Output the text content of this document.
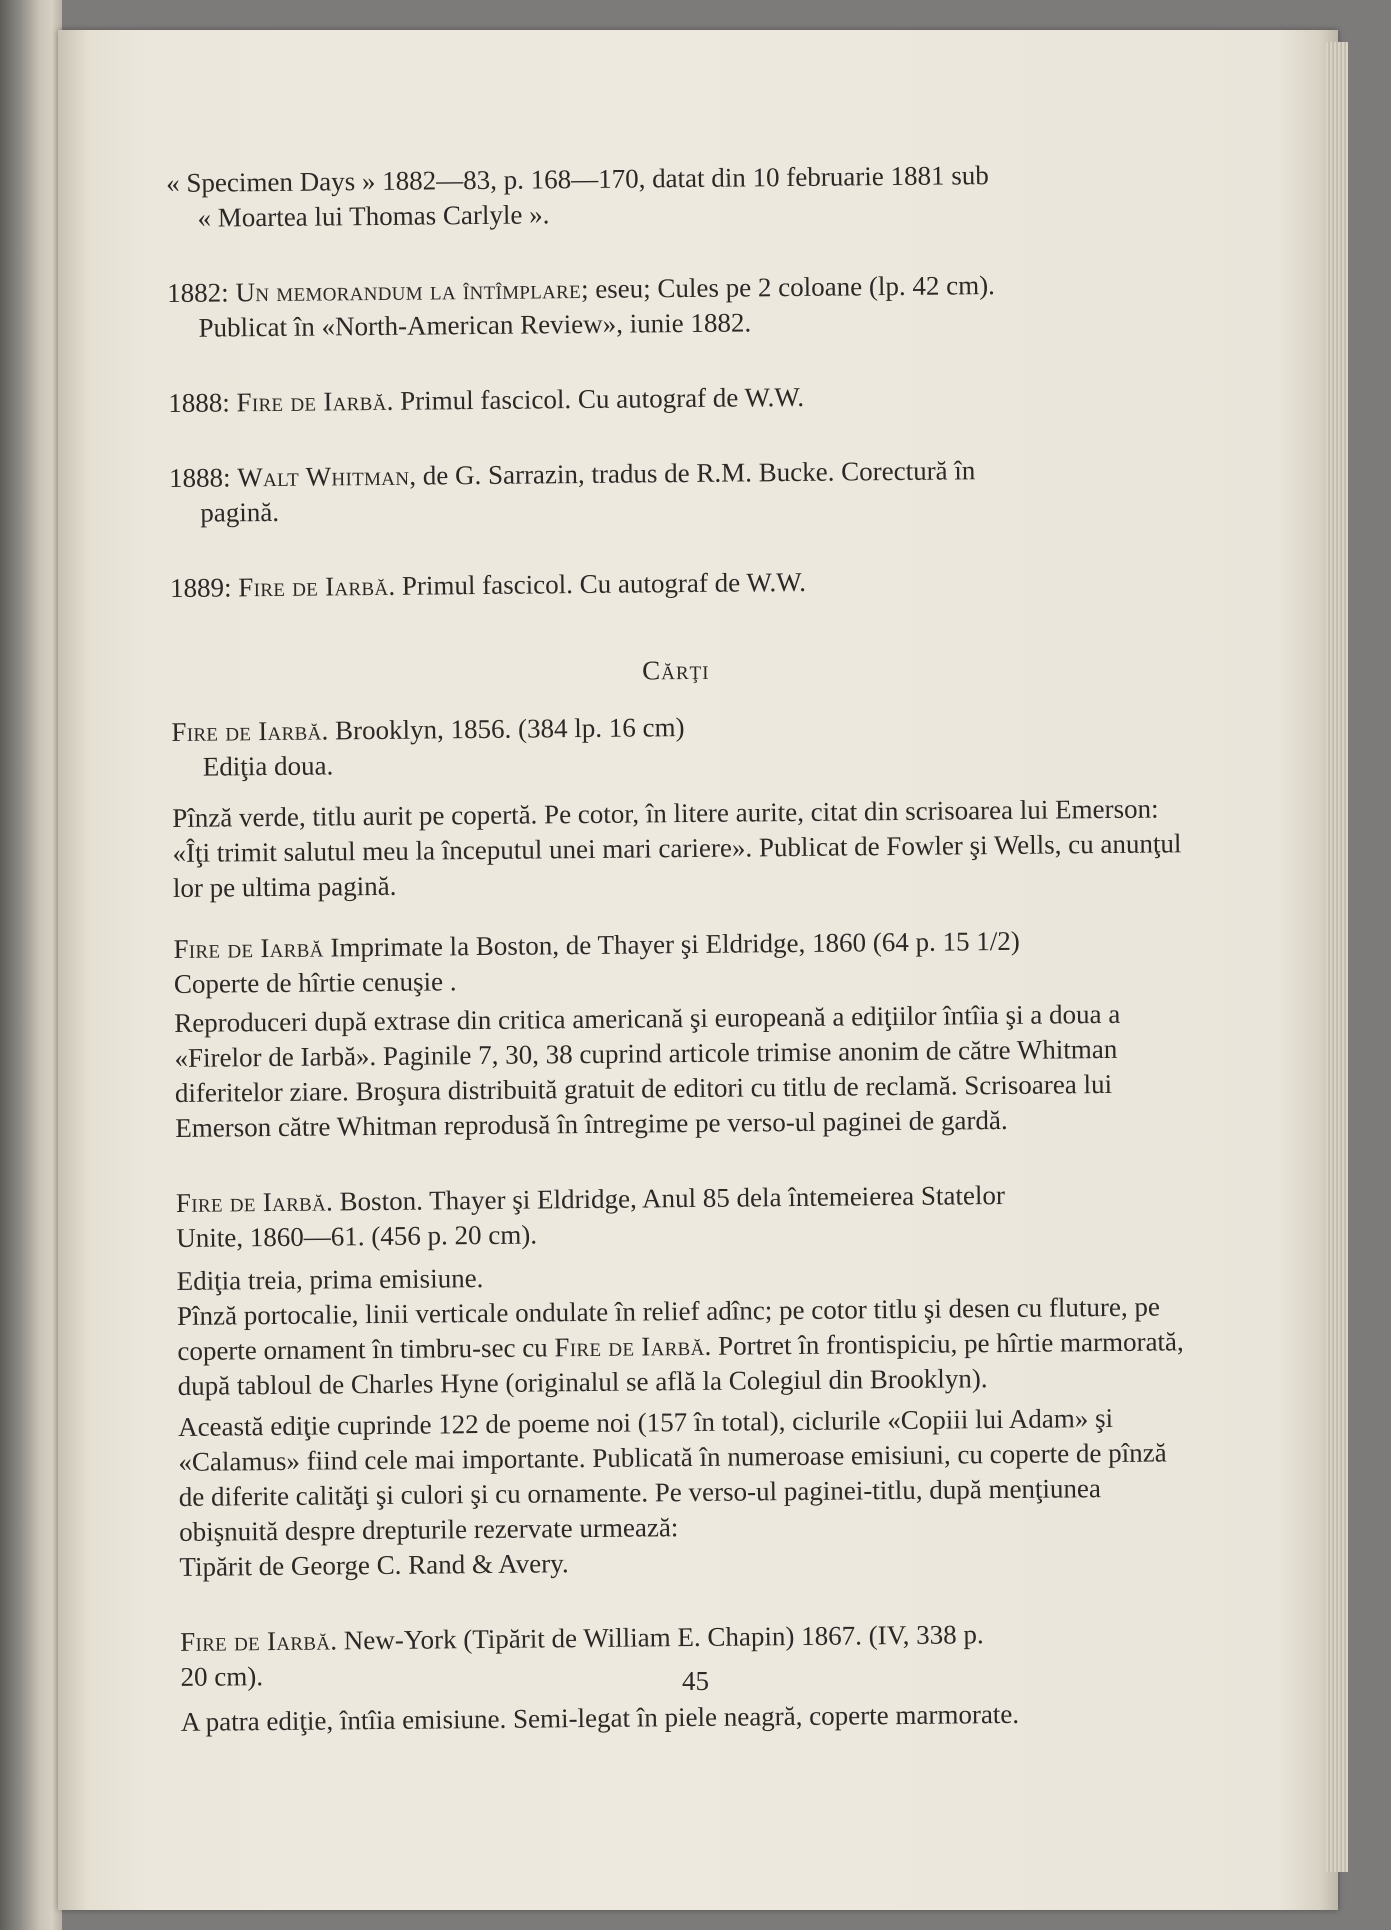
« Specimen Days » 1882—83, p. 168—170, datat din 10 februarie 1881 sub

« Moartea lui Thomas Carlyle ».

1882: Un memorandum la întîmplare; eseu; Cules pe 2 coloane (lp. 42 cm).

Publicat în «North-American Review», iunie 1882.

1888: Fire de Iarbă. Primul fascicol. Cu autograf de W.W.

1888: Walt Whitman, de G. Sarrazin, tradus de R.M. Bucke. Corectură în

pagină.

1889: Fire de Iarbă. Primul fascicol. Cu autograf de W.W.

Cărţi

Fire de Iarbă. Brooklyn, 1856. (384 lp. 16 cm)

Ediţia doua.

Pînză verde, titlu aurit pe copertă. Pe cotor, în litere aurite, citat din scrisoarea lui Emerson: «Îţi trimit salutul meu la începutul unei mari cariere». Publicat de Fowler şi Wells, cu anunţul lor pe ultima pagină.

Fire de Iarbă Imprimate la Boston, de Thayer şi Eldridge, 1860 (64 p. 15 1/2)

Coperte de hîrtie cenuşie .

Reproduceri după extrase din critica americană şi europeană a ediţiilor întîia şi a doua a «Firelor de Iarbă». Paginile 7, 30, 38 cuprind articole trimise anonim de către Whitman diferitelor ziare. Broşura distribuită gratuit de editori cu titlu de reclamă. Scrisoarea lui Emerson către Whitman reprodusă în întregime pe verso-ul paginei de gardă.

Fire de Iarbă. Boston. Thayer şi Eldridge, Anul 85 dela întemeierea Statelor

Unite, 1860—61. (456 p. 20 cm).

Ediţia treia, prima emisiune.

Pînză portocalie, linii verticale ondulate în relief adînc; pe cotor titlu şi desen cu fluture, pe coperte ornament în timbru-sec cu Fire de Iarbă. Portret în frontispiciu, pe hîrtie marmorată, după tabloul de Charles Hyne (originalul se află la Colegiul din Brooklyn).

Această ediţie cuprinde 122 de poeme noi (157 în total), ciclurile «Copiii lui Adam» şi «Calamus» fiind cele mai importante. Publicată în numeroase emisiuni, cu coperte de pînză de diferite calităţi şi culori şi cu ornamente. Pe verso-ul paginei-titlu, după menţiunea obişnuită despre drepturile rezervate urmează:

Tipărit de George C. Rand & Avery.

Fire de Iarbă. New-York (Tipărit de William E. Chapin) 1867. (IV, 338 p.

20 cm).

A patra ediţie, întîia emisiune. Semi-legat în piele neagră, coperte marmorate.

45
